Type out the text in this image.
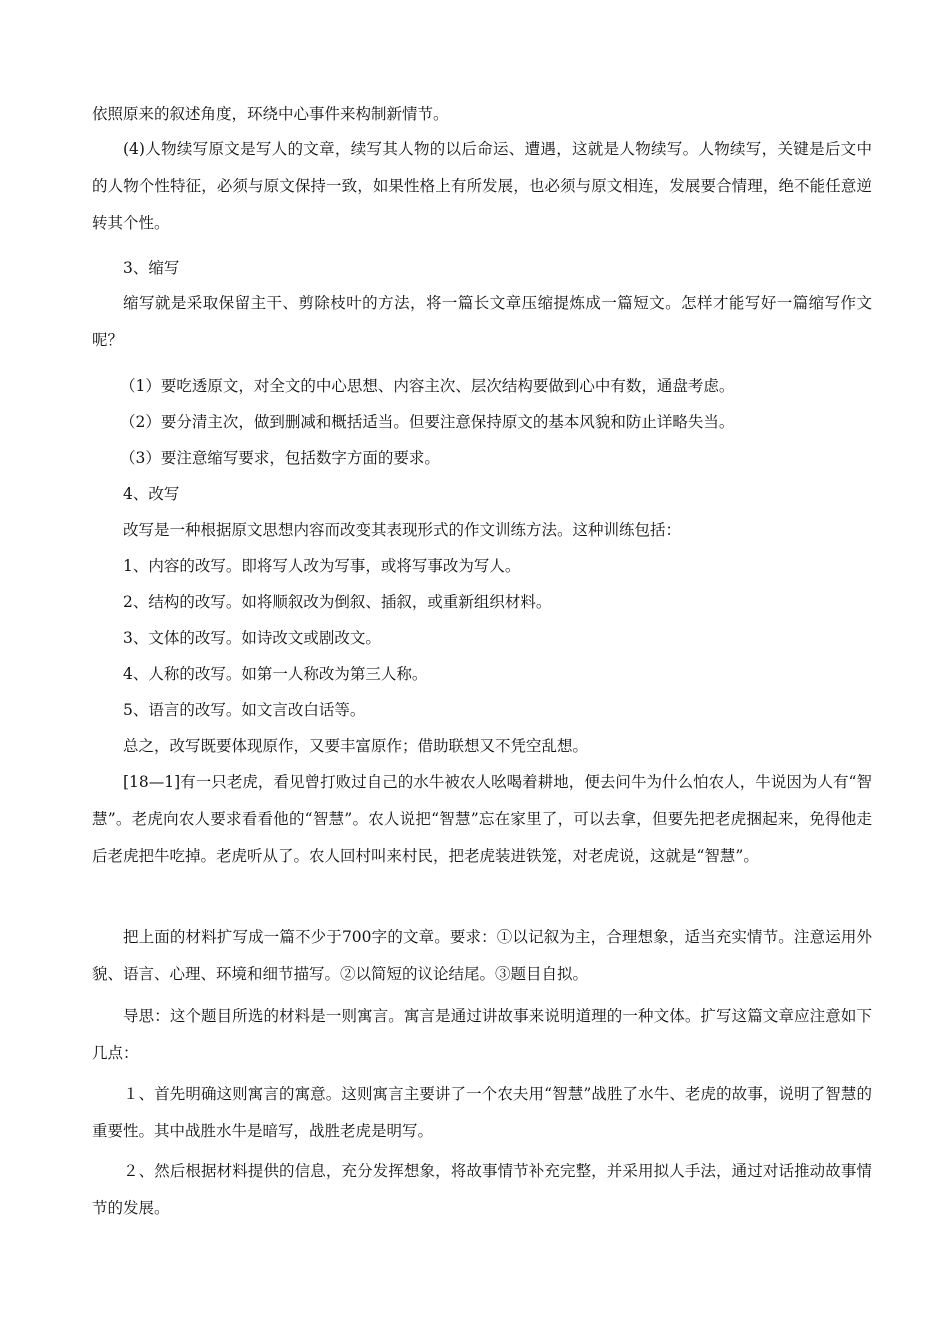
依照原来的叙述角度，环绕中心事件来构制新情节。
(4)人物续写原文是写人的文章，续写其人物的以后命运、遭遇，这就是人物续写。人物续写，关键是后文中的人物个性特征，必须与原文保持一致，如果性格上有所发展，也必须与原文相连，发展要合情理，绝不能任意逆转其个性。
3、缩写
缩写就是采取保留主干、剪除枝叶的方法，将一篇长文章压缩提炼成一篇短文。怎样才能写好一篇缩写作文呢？
（1）要吃透原文，对全文的中心思想、内容主次、层次结构要做到心中有数，通盘考虑。
（2）要分清主次，做到删减和概括适当。但要注意保持原文的基本风貌和防止详略失当。
（3）要注意缩写要求，包括数字方面的要求。
4、改写
改写是一种根据原文思想内容而改变其表现形式的作文训练方法。这种训练包括：
1、内容的改写。即将写人改为写事，或将写事改为写人。
2、结构的改写。如将顺叙改为倒叙、插叙，或重新组织材料。
3、文体的改写。如诗改文或剧改文。
4、人称的改写。如第一人称改为第三人称。
5、语言的改写。如文言改白话等。
总之，改写既要体现原作，又要丰富原作；借助联想又不凭空乱想。
[18—1]有一只老虎，看见曾打败过自己的水牛被农人吆喝着耕地，便去问牛为什么怕农人，牛说因为人有“智慧”。老虎向农人要求看看他的“智慧”。农人说把“智慧”忘在家里了，可以去拿，但要先把老虎捆起来，免得他走后老虎把牛吃掉。老虎听从了。农人回村叫来村民，把老虎装进铁笼，对老虎说，这就是“智慧”。
把上面的材料扩写成一篇不少于700字的文章。要求：①以记叙为主，合理想象，适当充实情节。注意运用外貌、语言、心理、环境和细节描写。②以简短的议论结尾。③题目自拟。
导思：这个题目所选的材料是一则寓言。寓言是通过讲故事来说明道理的一种文体。扩写这篇文章应注意如下几点：
１、首先明确这则寓言的寓意。这则寓言主要讲了一个农夫用“智慧”战胜了水牛、老虎的故事，说明了智慧的重要性。其中战胜水牛是暗写，战胜老虎是明写。
２、然后根据材料提供的信息，充分发挥想象，将故事情节补充完整，并采用拟人手法，通过对话推动故事情节的发展。
